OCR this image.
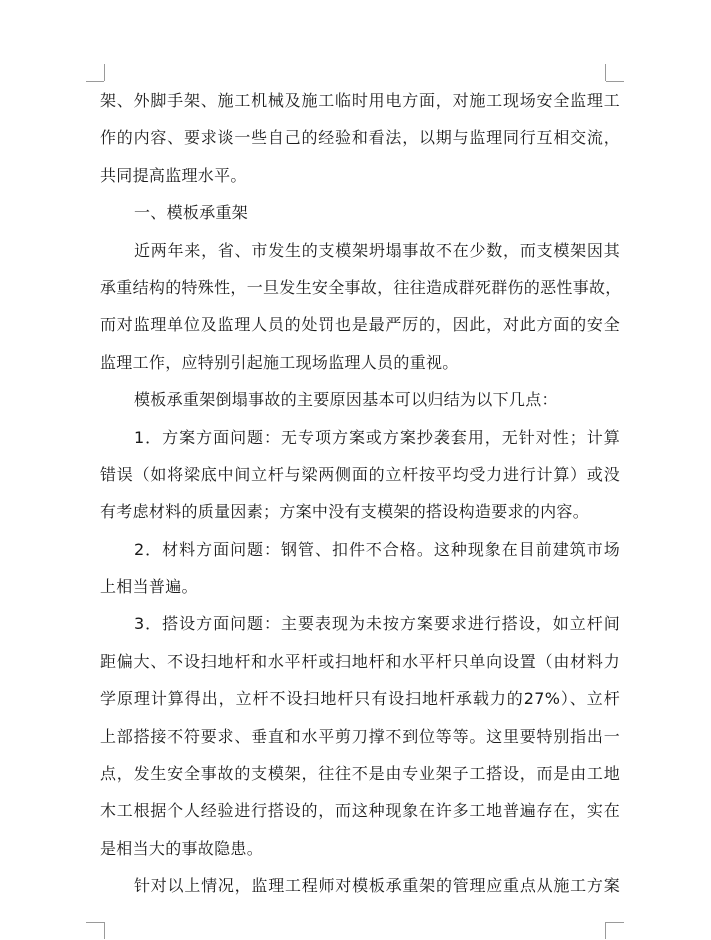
架、外脚手架、施工机械及施工临时用电方面，对施工现场安全监理工
作的内容、要求谈一些自己的经验和看法，以期与监理同行互相交流，
共同提高监理水平。
一、模板承重架
近两年来，省、市发生的支模架坍塌事故不在少数，而支模架因其
承重结构的特殊性，一旦发生安全事故，往往造成群死群伤的恶性事故，
而对监理单位及监理人员的处罚也是最严厉的，因此，对此方面的安全
监理工作，应特别引起施工现场监理人员的重视。
模板承重架倒塌事故的主要原因基本可以归结为以下几点：
1．方案方面问题：无专项方案或方案抄袭套用，无针对性；计算
错误（如将梁底中间立杆与梁两侧面的立杆按平均受力进行计算）或没
有考虑材料的质量因素；方案中没有支模架的搭设构造要求的内容。
2．材料方面问题：钢管、扣件不合格。这种现象在目前建筑市场
上相当普遍。
3．搭设方面问题：主要表现为未按方案要求进行搭设，如立杆间
距偏大、不设扫地杆和水平杆或扫地杆和水平杆只单向设置（由材料力
学原理计算得出，立杆不设扫地杆只有设扫地杆承载力的27%）、立杆
上部搭接不符要求、垂直和水平剪刀撑不到位等等。这里要特别指出一
点，发生安全事故的支模架，往往不是由专业架子工搭设，而是由工地
木工根据个人经验进行搭设的，而这种现象在许多工地普遍存在，实在
是相当大的事故隐患。
针对以上情况，监理工程师对模板承重架的管理应重点从施工方案
